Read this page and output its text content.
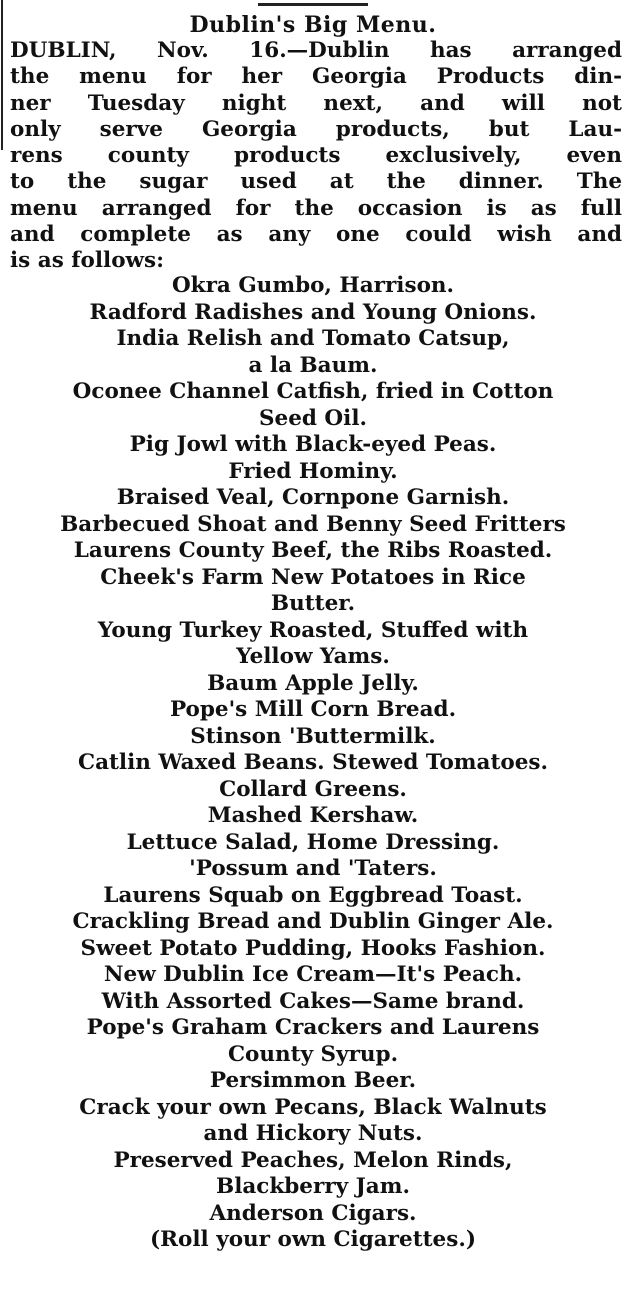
Dublin's Big Menu.
DUBLIN, Nov. 16.—Dublin has arranged
the menu for her Georgia Products din-
ner Tuesday night next, and will not
only serve Georgia products, but Lau-
rens county products exclusively, even
to the sugar used at the dinner. The
menu arranged for the occasion is as full
and complete as any one could wish and
is as follows:
Okra Gumbo, Harrison.
Radford Radishes and Young Onions.
India Relish and Tomato Catsup,
a la Baum.
Oconee Channel Catfish, fried in Cotton
Seed Oil.
Pig Jowl with Black-eyed Peas.
Fried Hominy.
Braised Veal, Cornpone Garnish.
Barbecued Shoat and Benny Seed Fritters
Laurens County Beef, the Ribs Roasted.
Cheek's Farm New Potatoes in Rice
Butter.
Young Turkey Roasted, Stuffed with
Yellow Yams.
Baum Apple Jelly.
Pope's Mill Corn Bread.
Stinson 'Buttermilk.
Catlin Waxed Beans. Stewed Tomatoes.
Collard Greens.
Mashed Kershaw.
Lettuce Salad, Home Dressing.
'Possum and 'Taters.
Laurens Squab on Eggbread Toast.
Crackling Bread and Dublin Ginger Ale.
Sweet Potato Pudding, Hooks Fashion.
New Dublin Ice Cream—It's Peach.
With Assorted Cakes—Same brand.
Pope's Graham Crackers and Laurens
County Syrup.
Persimmon Beer.
Crack your own Pecans, Black Walnuts
and Hickory Nuts.
Preserved Peaches, Melon Rinds,
Blackberry Jam.
Anderson Cigars.
(Roll your own Cigarettes.)
